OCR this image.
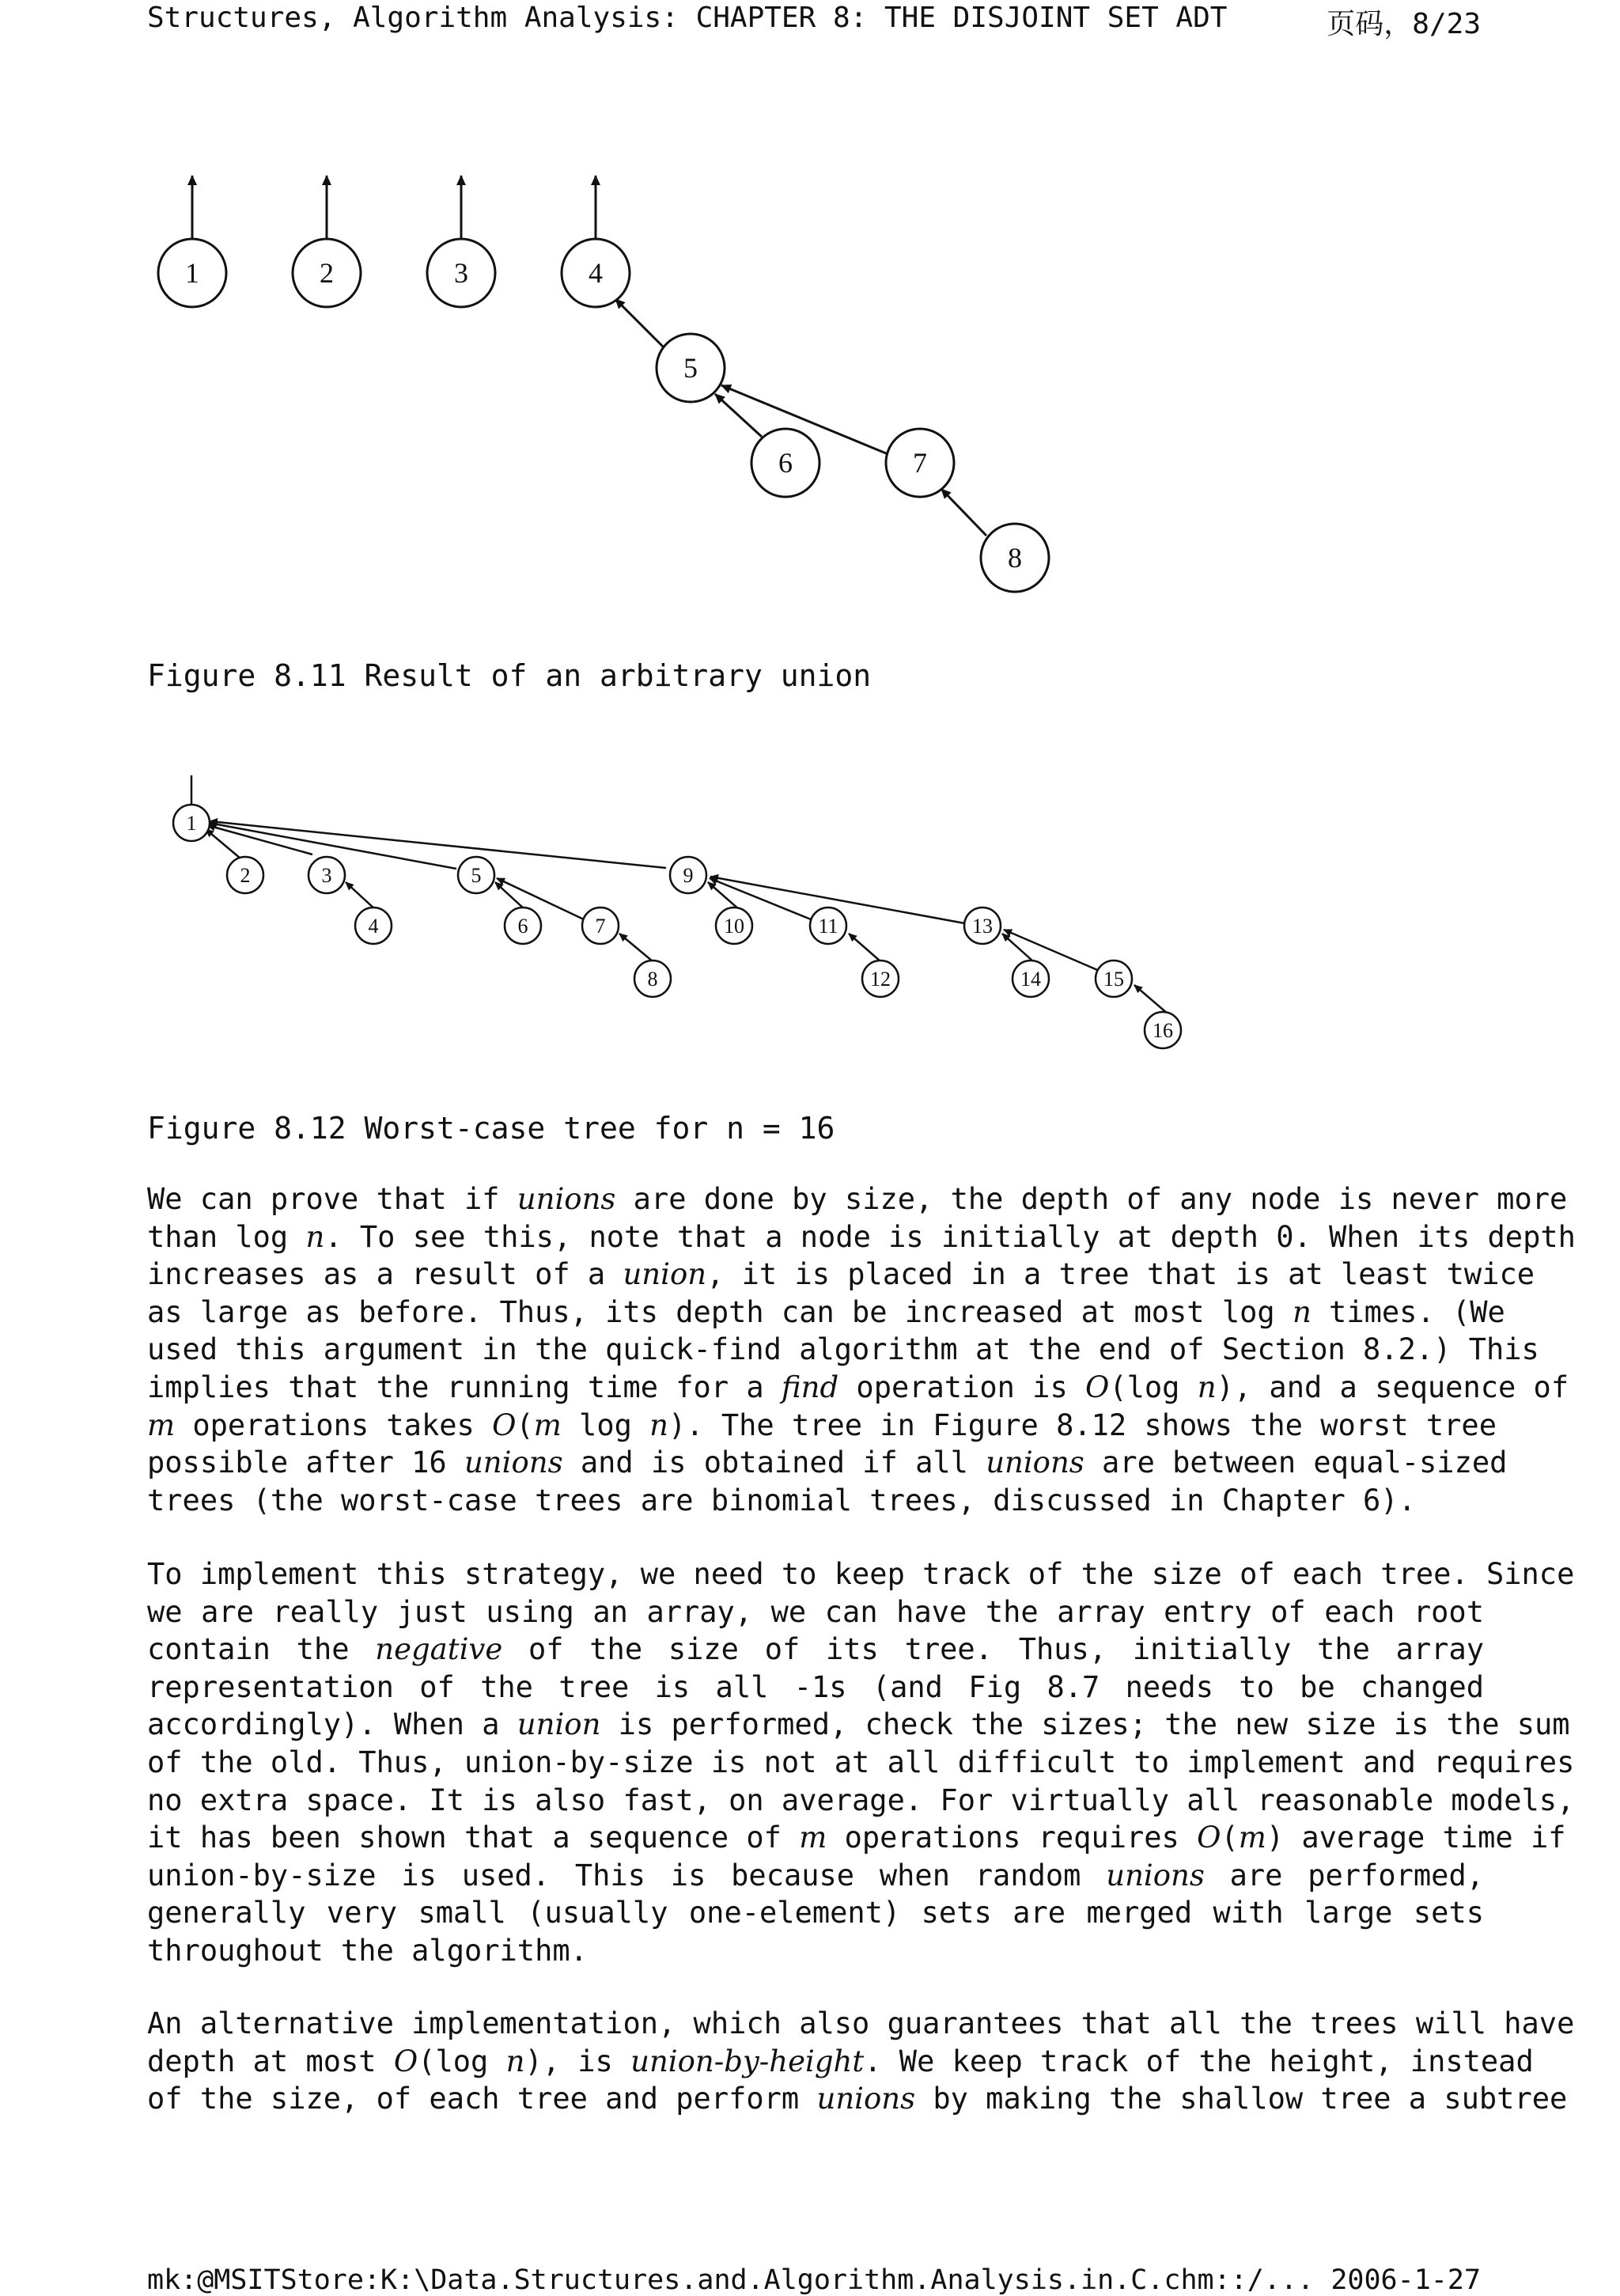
Structures, Algorithm Analysis: CHAPTER 8: THE DISJOINT SET ADT	页码，8/23
1	2	3	4
5
6	7
8
Figure 8.11 Result of an arbitrary union
1
2	3
4
5
6	7
8
9
10	11
12
13
14	15
16
Figure 8.12 Worst-case tree for n = 16
We can prove that if unions are done by size, the depth of any node is never more
than log n. To see this, note that a node is initially at depth 0. When its depth
increases as a result of a union, it is placed in a tree that is at least twice
as large as before. Thus, its depth can be increased at most log n times. (We
used this argument in the quick-find algorithm at the end of Section 8.2.) This
implies that the running time for a find operation is O(log n), and a sequence of
m operations takes O(m log n). The tree in Figure 8.12 shows the worst tree
possible after 16 unions and is obtained if all unions are between equal-sized
trees (the worst-case trees are binomial trees, discussed in Chapter 6).
To implement this strategy, we need to keep track of the size of each tree. Since
we are really just using an array, we can have the array entry of each root
contain the negative of the size of its tree. Thus, initially the array
representation of the tree is all -1s (and Fig 8.7 needs to be changed
accordingly). When a union is performed, check the sizes; the new size is the sum
of the old. Thus, union-by-size is not at all difficult to implement and requires
no extra space. It is also fast, on average. For virtually all reasonable models,
it has been shown that a sequence of m operations requires O(m) average time if
union-by-size is used. This is because when random unions are performed,
generally very small (usually one-element) sets are merged with large sets
throughout the algorithm.
An alternative implementation, which also guarantees that all the trees will have
depth at most O(log n), is union-by-height. We keep track of the height, instead
of the size, of each tree and perform unions by making the shallow tree a subtree
mk:@MSITStore:K:\Data.Structures.and.Algorithm.Analysis.in.C.chm::/... 2006-1-27
